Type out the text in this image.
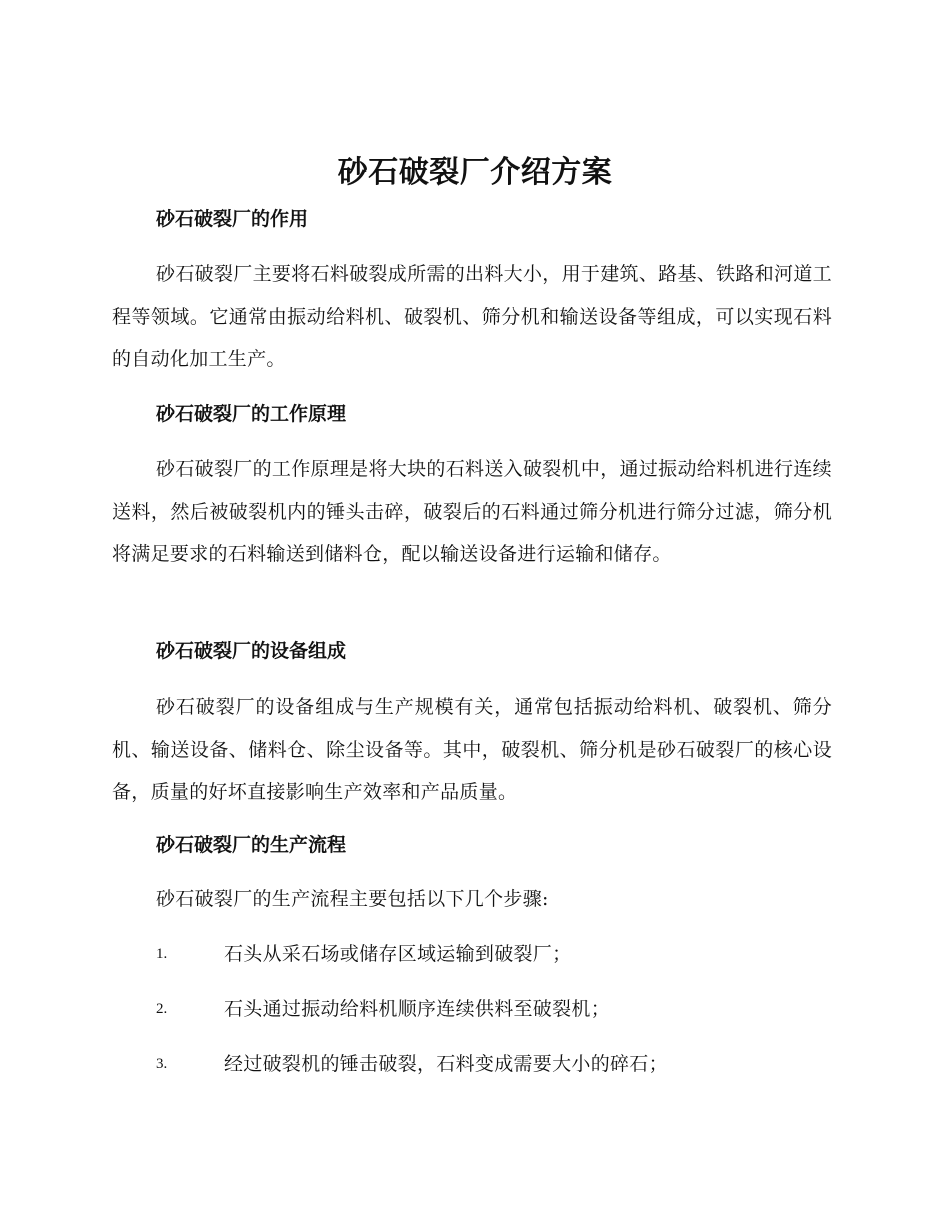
砂石破裂厂介绍方案
砂石破裂厂的作用
砂石破裂厂主要将石料破裂成所需的出料大小，用于建筑、路基、铁路和河道工程等领域。它通常由振动给料机、破裂机、筛分机和输送设备等组成，可以实现石料的自动化加工生产。
砂石破裂厂的工作原理
砂石破裂厂的工作原理是将大块的石料送入破裂机中，通过振动给料机进行连续送料，然后被破裂机内的锤头击碎，破裂后的石料通过筛分机进行筛分过滤，筛分机将满足要求的石料输送到储料仓，配以输送设备进行运输和储存。
砂石破裂厂的设备组成
砂石破裂厂的设备组成与生产规模有关，通常包括振动给料机、破裂机、筛分机、输送设备、储料仓、除尘设备等。其中，破裂机、筛分机是砂石破裂厂的核心设备，质量的好坏直接影响生产效率和产品质量。
砂石破裂厂的生产流程
砂石破裂厂的生产流程主要包括以下几个步骤:
1.	石头从采石场或储存区域运输到破裂厂；
2.	石头通过振动给料机顺序连续供料至破裂机；
3.	经过破裂机的锤击破裂，石料变成需要大小的碎石；
